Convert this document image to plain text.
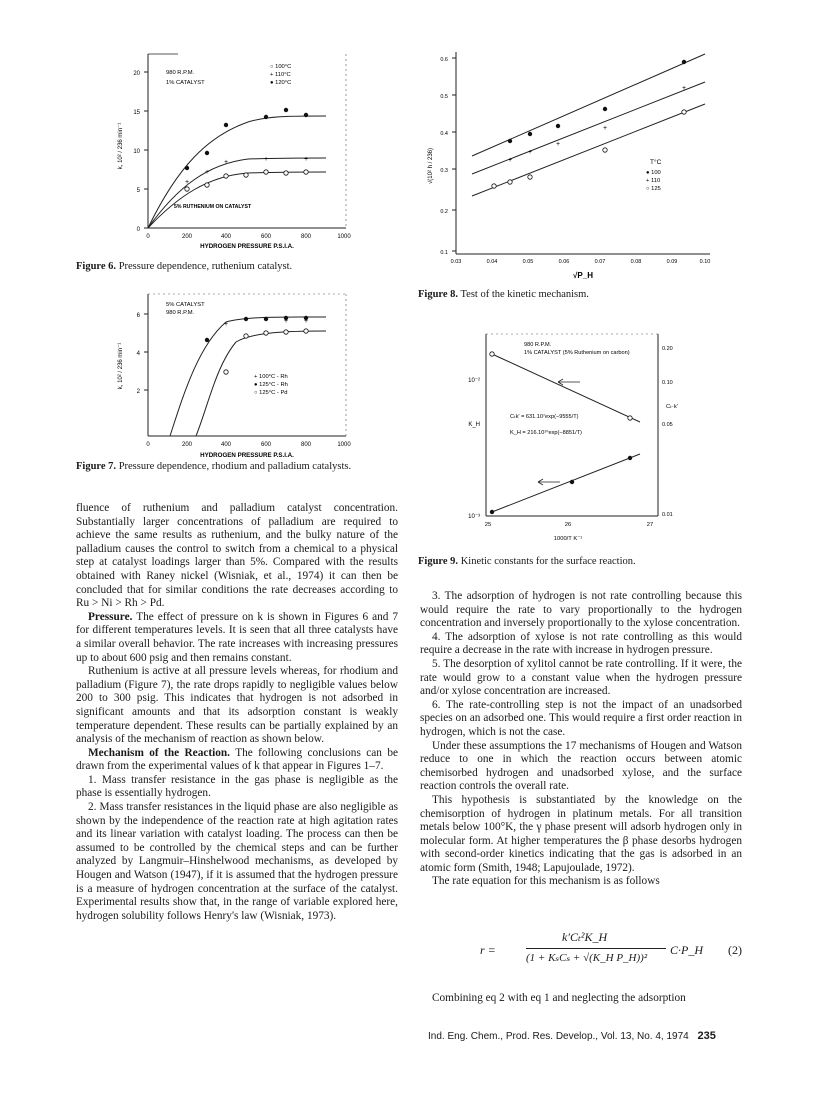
0
5
10
15
20
0	200	400	600	800	1000
HYDROGEN PRESSURE P.S.I.A.
k, 10² / 236 min⁻¹
980 R.P.M.
1% CATALYST
○ 100°C
+ 110°C
● 120°C
5% RUTHENIUM ON CATALYST
+
+
+	+	+
Figure 6. Pressure dependence, ruthenium catalyst.
6
4
2
0	200	400	600	800	1000
HYDROGEN PRESSURE P.S.I.A.
k, 10² / 236 min⁻¹
5% CATALYST
980 R.P.M.
+ 100°C - Rh
● 125°C - Rh
○ 125°C - Pd
+	+ +
Figure 7. Pressure dependence, rhodium and palladium catalysts.
0.6
0.5
0.4
0.3
0.2
0.1
0.03	0.04	0.05	0.06	0.07	0.08	0.09	0.10
√P_H
√(10² h / 236)	T°C
● 100
+ 110
○ 125
+
+
+
+
+
Figure 8. Test of the kinetic mechanism.
980 R.P.M.
1% CATALYST (5% Ruthenium on carbon)
0.20
0.10
0.05
0.01
Cₜ·k'
10⁻²
K_H
10⁻³
Cₜk' = 631.10⁷exp(−9555/T)
K_H = 216.10¹⁰exp(−8851/T)
25	26	27
1000/T K⁻¹
Figure 9. Kinetic constants for the surface reaction.

fluence of ruthenium and palladium catalyst concentration. Substantially larger concentrations of palladium are required to achieve the same results as ruthenium, and the bulky nature of the palladium causes the control to switch from a chemical to a physical step at catalyst loadings larger than 5%. Compared with the results obtained with Raney nickel (Wisniak, et al., 1974) it can then be concluded that for similar conditions the rate decreases according to Ru > Ni > Rh > Pd.

Pressure. The effect of pressure on k is shown in Figures 6 and 7 for different temperatures levels. It is seen that all three catalysts have a similar overall behavior. The rate increases with increasing pressures up to about 600 psig and then remains constant.

Ruthenium is active at all pressure levels whereas, for rhodium and palladium (Figure 7), the rate drops rapidly to negligible values below 200 to 300 psig. This indicates that hydrogen is not adsorbed in significant amounts and that its adsorption constant is weakly temperature dependent. These results can be partially explained by an analysis of the mechanism of reaction as shown below.

Mechanism of the Reaction. The following conclusions can be drawn from the experimental values of k that appear in Figures 1–7.

1. Mass transfer resistance in the gas phase is negligible as the phase is essentially hydrogen.

2. Mass transfer resistances in the liquid phase are also negligible as shown by the independence of the reaction rate at high agitation rates and its linear variation with catalyst loading. The process can then be assumed to be controlled by the chemical steps and can be further analyzed by Langmuir–Hinshelwood mechanisms, as developed by Hougen and Watson (1947), if it is assumed that the hydrogen pressure is a measure of hydrogen concentration at the surface of the catalyst. Experimental results show that, in the range of variable explored here, hydrogen solubility follows Henry's law (Wisniak, 1973).

3. The adsorption of hydrogen is not rate controlling because this would require the rate to vary proportionally to the hydrogen concentration and inversely proportionally to the xylose concentration.

4. The adsorption of xylose is not rate controlling as this would require a decrease in the rate with increase in hydrogen pressure.

5. The desorption of xylitol cannot be rate controlling. If it were, the rate would grow to a constant value when the hydrogen pressure and/or xylose concentration are increased.

6. The rate-controlling step is not the impact of an unadsorbed species on an adsorbed one. This would require a first order reaction in hydrogen, which is not the case.

Under these assumptions the 17 mechanisms of Hougen and Watson reduce to one in which the reaction occurs between atomic chemisorbed hydrogen and unadsorbed xylose, and the surface reaction controls the overall rate.

This hypothesis is substantiated by the knowledge on the chemisorption of hydrogen in platinum metals. For all transition metals below 100°K, the γ phase present will adsorb hydrogen only in molecular form. At higher temperatures the β phase desorbs hydrogen with second-order kinetics indicating that the gas is adsorbed in an atomic form (Smith, 1948; Lapujoulade, 1972).

The rate equation for this mechanism is as follows

r =
k′Cₜ²K_H
(1 + KₛCₛ + √(K_H P_H))²
C·P_H (2)

Combining eq 2 with eq 1 and neglecting the adsorption

Ind. Eng. Chem., Prod. Res. Develop., Vol. 13, No. 4, 1974 235
